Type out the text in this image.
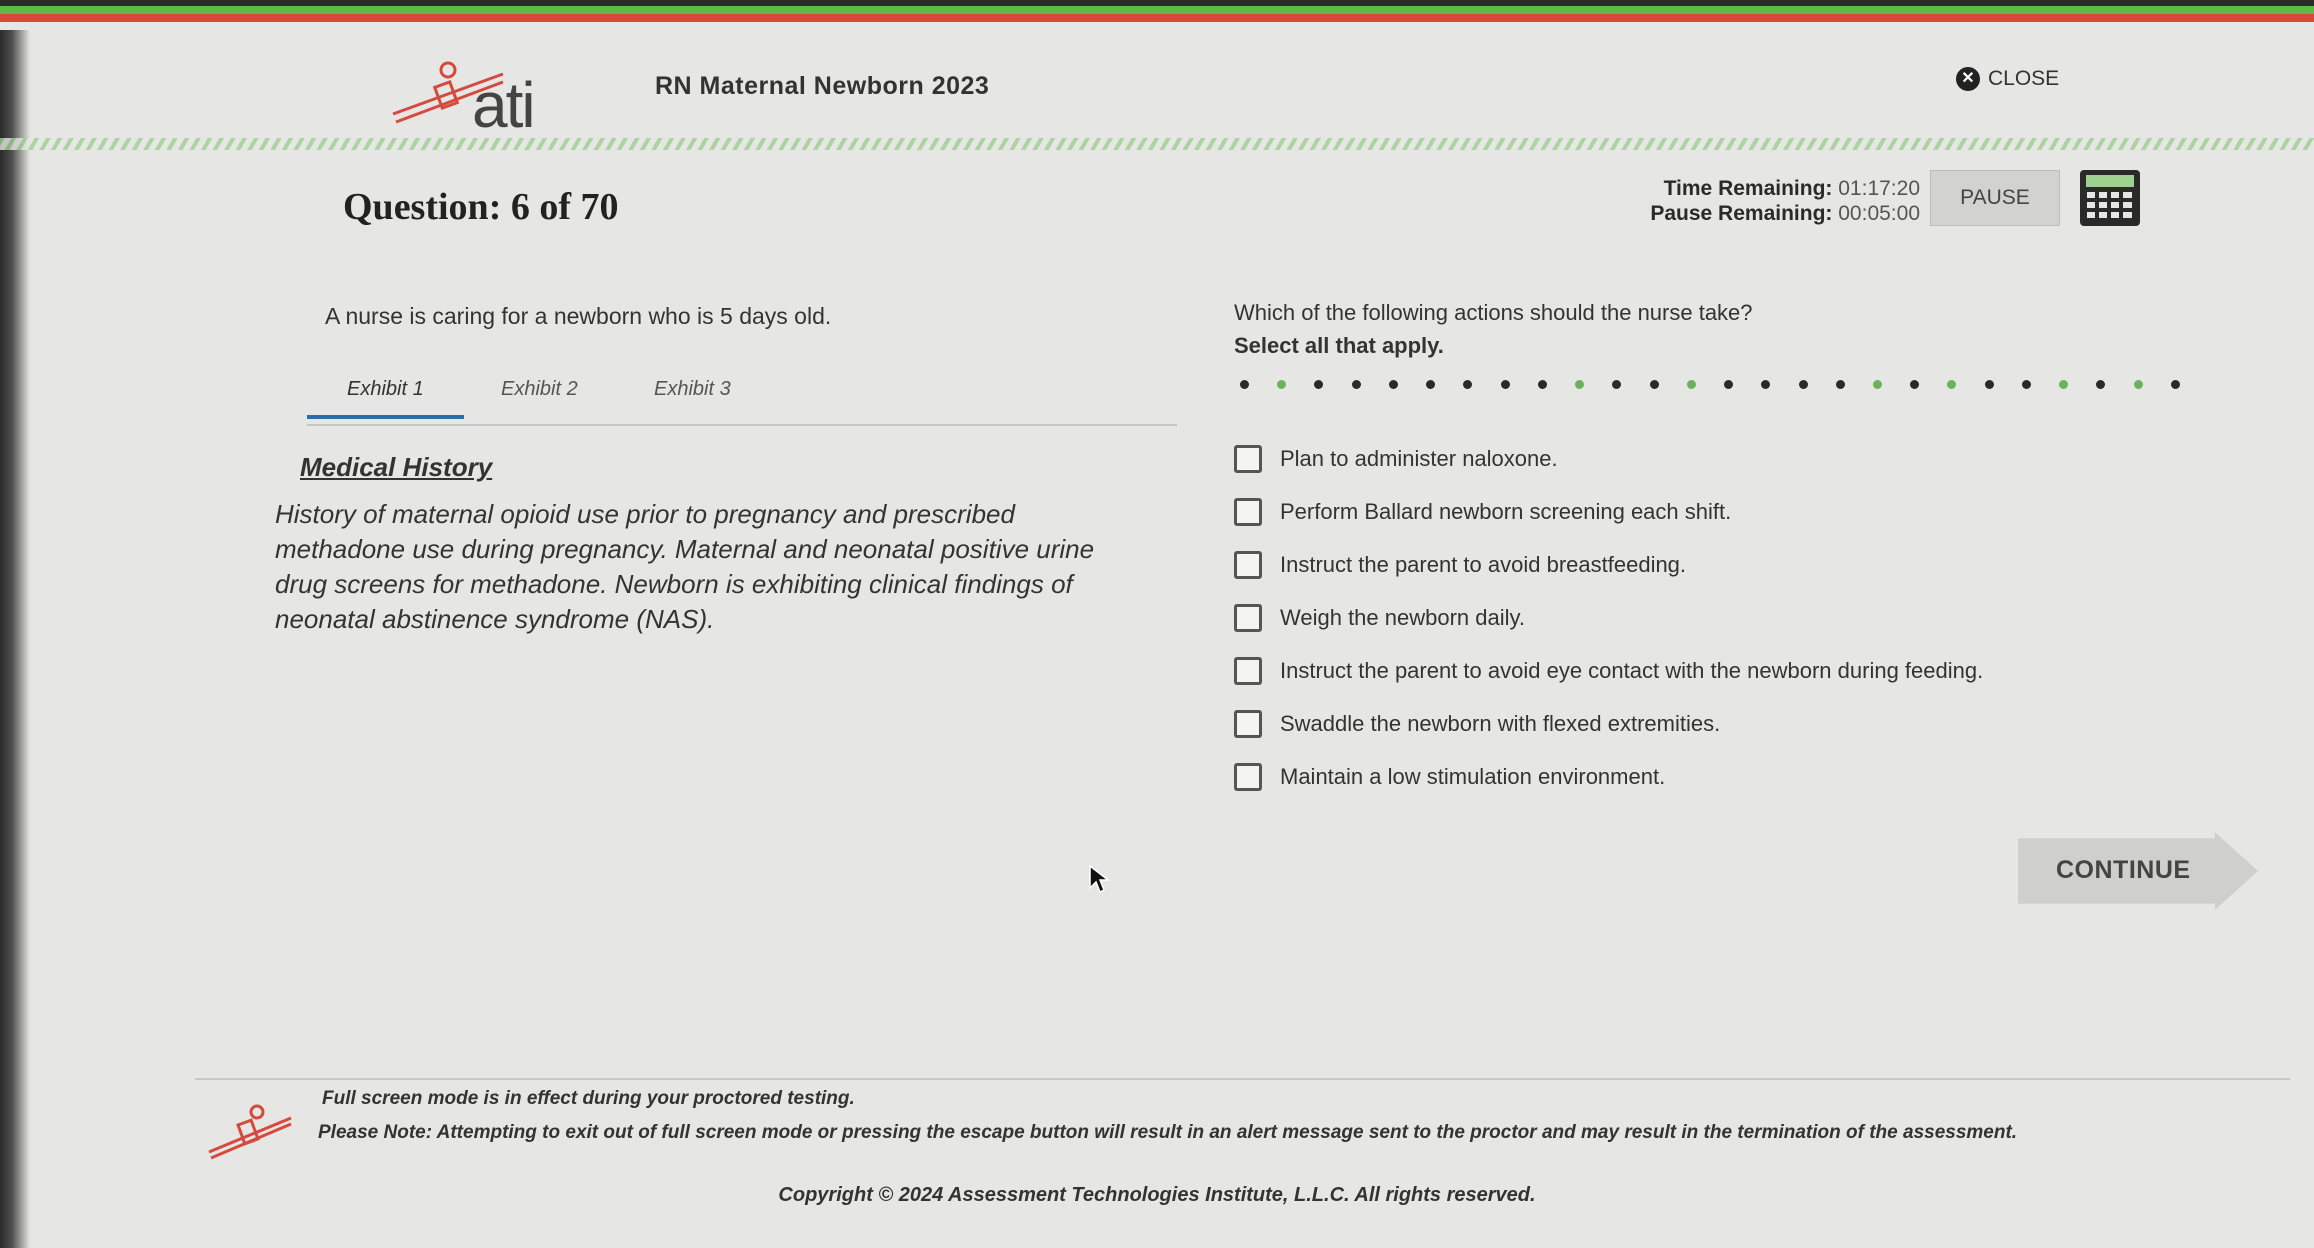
ati	RN Maternal Newborn 2023	✕ CLOSE
Question: 6 of 70	Time Remaining: 01:17:20
Pause Remaining: 00:05:00
PAUSE
A nurse is caring for a newborn who is 5 days old.
Exhibit 1	Exhibit 2	Exhibit 3
Medical History
History of maternal opioid use prior to pregnancy and prescribed methadone use during pregnancy. Maternal and neonatal positive urine drug screens for methadone. Newborn is exhibiting clinical findings of neonatal abstinence syndrome (NAS).
Which of the following actions should the nurse take?
Select all that apply.
Plan to administer naloxone.
Perform Ballard newborn screening each shift.
Instruct the parent to avoid breastfeeding.
Weigh the newborn daily.
Instruct the parent to avoid eye contact with the newborn during feeding.
Swaddle the newborn with flexed extremities.
Maintain a low stimulation environment.
CONTINUE
Full screen mode is in effect during your proctored testing.
Please Note: Attempting to exit out of full screen mode or pressing the escape button will result in an alert message sent to the proctor and may result in the termination of the assessment.
Copyright © 2024 Assessment Technologies Institute, L.L.C. All rights reserved.
